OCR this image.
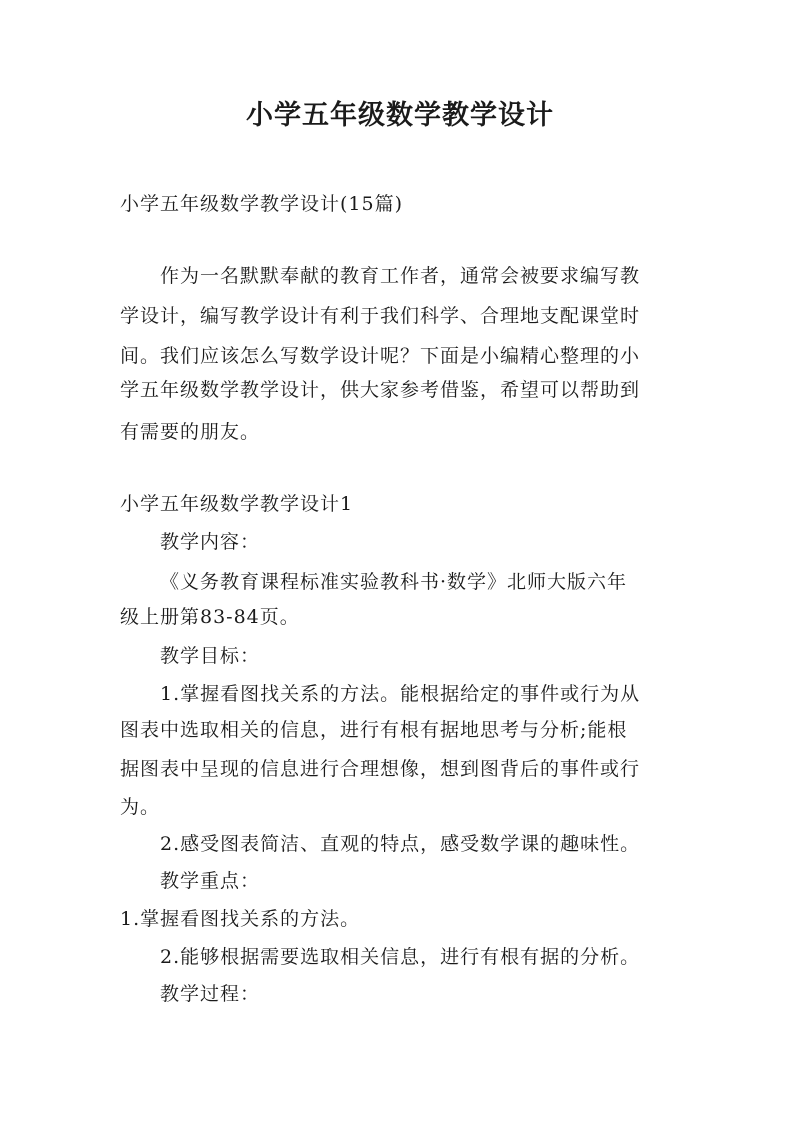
小学五年级数学教学设计

小学五年级数学教学设计(15篇)

作为一名默默奉献的教育工作者，通常会被要求编写教

学设计，编写教学设计有利于我们科学、合理地支配课堂时

间。我们应该怎么写数学设计呢？下面是小编精心整理的小

学五年级数学教学设计，供大家参考借鉴，希望可以帮助到

有需要的朋友。

小学五年级数学教学设计1

教学内容：

《义务教育课程标准实验教科书·数学》北师大版六年

级上册第83-84页。

教学目标：

1.掌握看图找关系的方法。能根据给定的事件或行为从

图表中选取相关的信息，进行有根有据地思考与分析;能根

据图表中呈现的信息进行合理想像，想到图背后的事件或行

为。

2.感受图表简洁、直观的特点，感受数学课的趣味性。

教学重点：

1.掌握看图找关系的方法。

2.能够根据需要选取相关信息，进行有根有据的分析。

教学过程：
